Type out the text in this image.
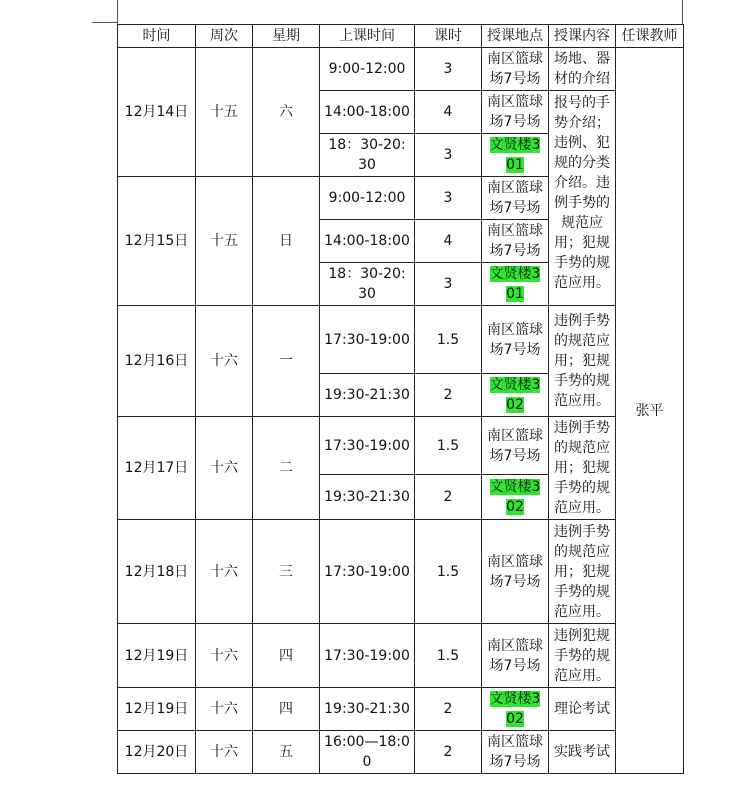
时间	周次	星期	上课时间	课时	授课地点	授课内容	任课教师
12月14日	十五	六	9:00-12:00	3	南区篮球
场7号场	场地、器材的介绍	张平
			14:00-18:00	4	南区篮球
场7号场	报号的手势介绍；违例、犯规的分类介绍。违例手势的规范应用；犯规手势的规范应用。	

			18：30-20:
30	3	文贤楼3
01		

12月15日	十五	日	9:00-12:00	3	南区篮球
场7号场		

			14:00-18:00	4	南区篮球
场7号场		

			18：30-20:
30	3	文贤楼3
01		

12月16日	十六	一	17:30-19:00	1.5	南区篮球
场7号场	违例手势的规范应用；犯规手势的规范应用。	
			19:30-21:30	2	文贤楼3
02		

12月17日	十六	二	17:30-19:00	1.5	南区篮球
场7号场	违例手势的规范应用；犯规手势的规范应用。	
			19:30-21:30	2	文贤楼3
02		

12月18日	十六	三	17:30-19:00	1.5	南区篮球
场7号场	违例手势的规范应用；犯规手势的规范应用。	
12月19日	十六	四	17:30-19:00	1.5	南区篮球
场7号场	违例犯规手势的规范应用。	
12月19日	十六	四	19:30-21:30	2	文贤楼3
02	理论考试	
12月20日	十六	五	16:00—18:0
0	2	南区篮球
场7号场	实践考试	
